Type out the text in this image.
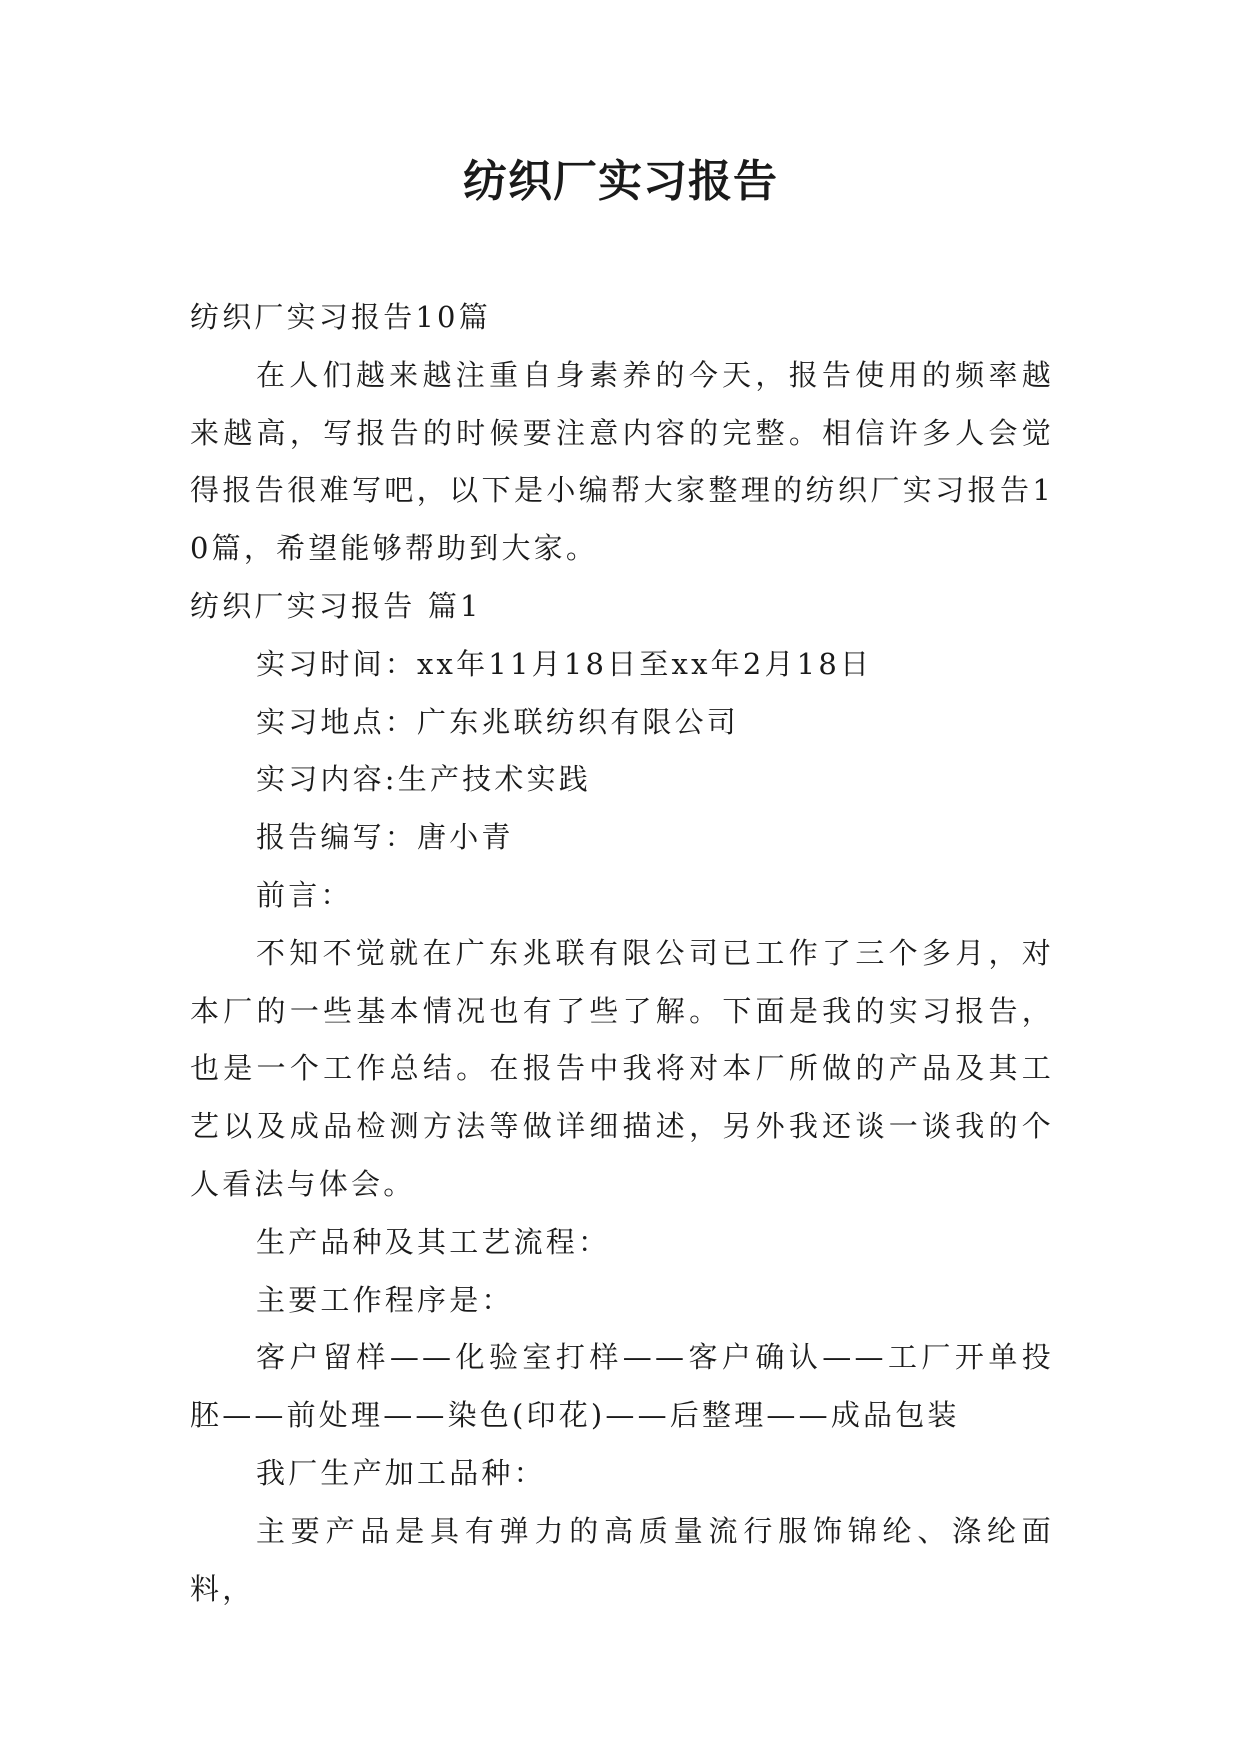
纺织厂实习报告

纺织厂实习报告10篇

在人们越来越注重自身素养的今天，报告使用的频率越来越高，写报告的时候要注意内容的完整。相信许多人会觉得报告很难写吧，以下是小编帮大家整理的纺织厂实习报告10篇，希望能够帮助到大家。

纺织厂实习报告 篇1

实习时间：xx年11月18日至xx年2月18日

实习地点：广东兆联纺织有限公司

实习内容:生产技术实践

报告编写：唐小青

前言：

不知不觉就在广东兆联有限公司已工作了三个多月，对本厂的一些基本情况也有了些了解。下面是我的实习报告，也是一个工作总结。在报告中我将对本厂所做的产品及其工艺以及成品检测方法等做详细描述，另外我还谈一谈我的个人看法与体会。

生产品种及其工艺流程：

主要工作程序是：

客户留样——化验室打样——客户确认——工厂开单投胚——前处理——染色(印花)——后整理——成品包装

我厂生产加工品种：

主要产品是具有弹力的高质量流行服饰锦纶、涤纶面料，
